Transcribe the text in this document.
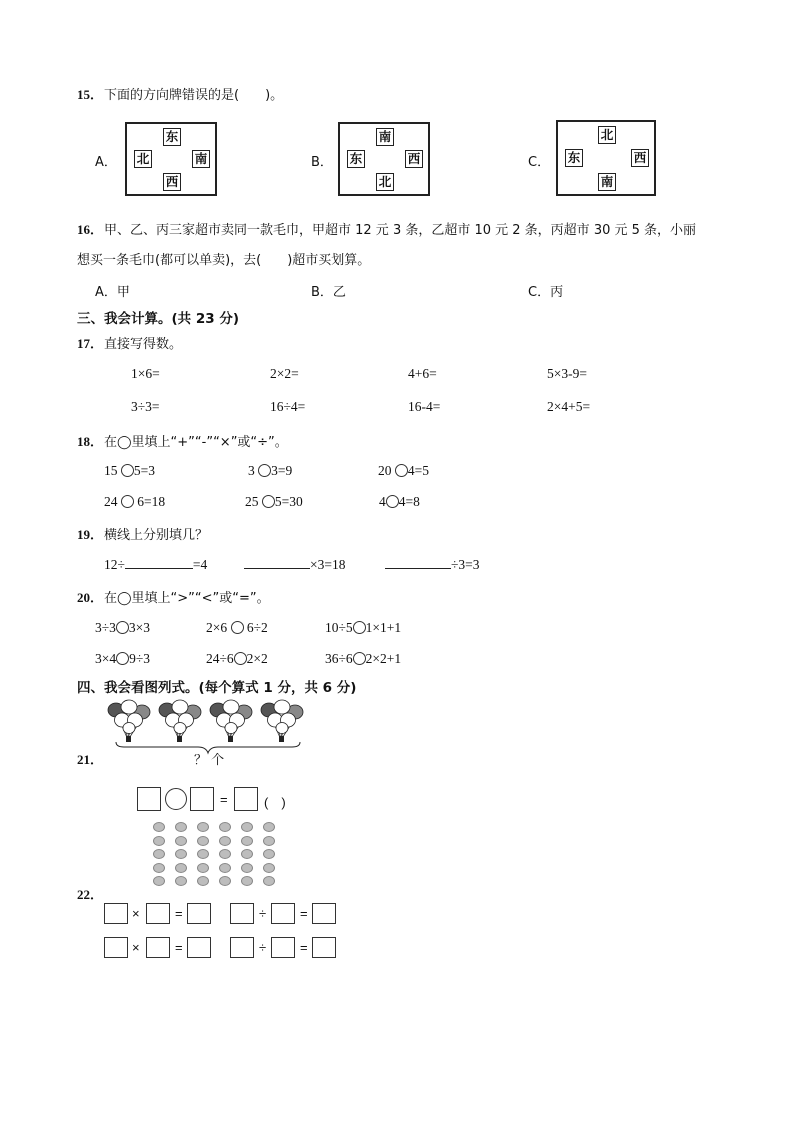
15． 下面的方向牌错误的是(　　)。
A．
东
北	南
西
B．
南
东	西
北
C．
北
东	西
南
16． 甲、乙、丙三家超市卖同一款毛巾，甲超市 12 元 3 条，乙超市 10 元 2 条，丙超市 30 元 5 条，小丽
想买一条毛巾(都可以单卖)，去(　　)超市买划算。
A．甲	B．乙	C．丙
三、我会计算。(共 23 分)
17． 直接写得数。
1×6=	2×2=	4+6=	5×3-9=
3÷3=	16÷4=	16-4=	2×4+5=
18． 在◯里填上“+”“-”“×”或“÷”。
15 5=3	3 3=9	20 4=5
24 6=18	25 5=30	4 4=8
19． 横线上分别填几？
12÷	=4	×3=18	÷3=3
20． 在◯里填上“>”“<”或“=”。
3÷3 3×3	2×6 6÷2	10÷5 1×1+1
3×4 9÷3	24÷6 2×2	36÷6 2×2+1
四、我会看图列式。(每个算式 1 分，共 6 分)
？ 个
21．
=	(　)
22．
×	=	÷	=
×	=	÷	=
